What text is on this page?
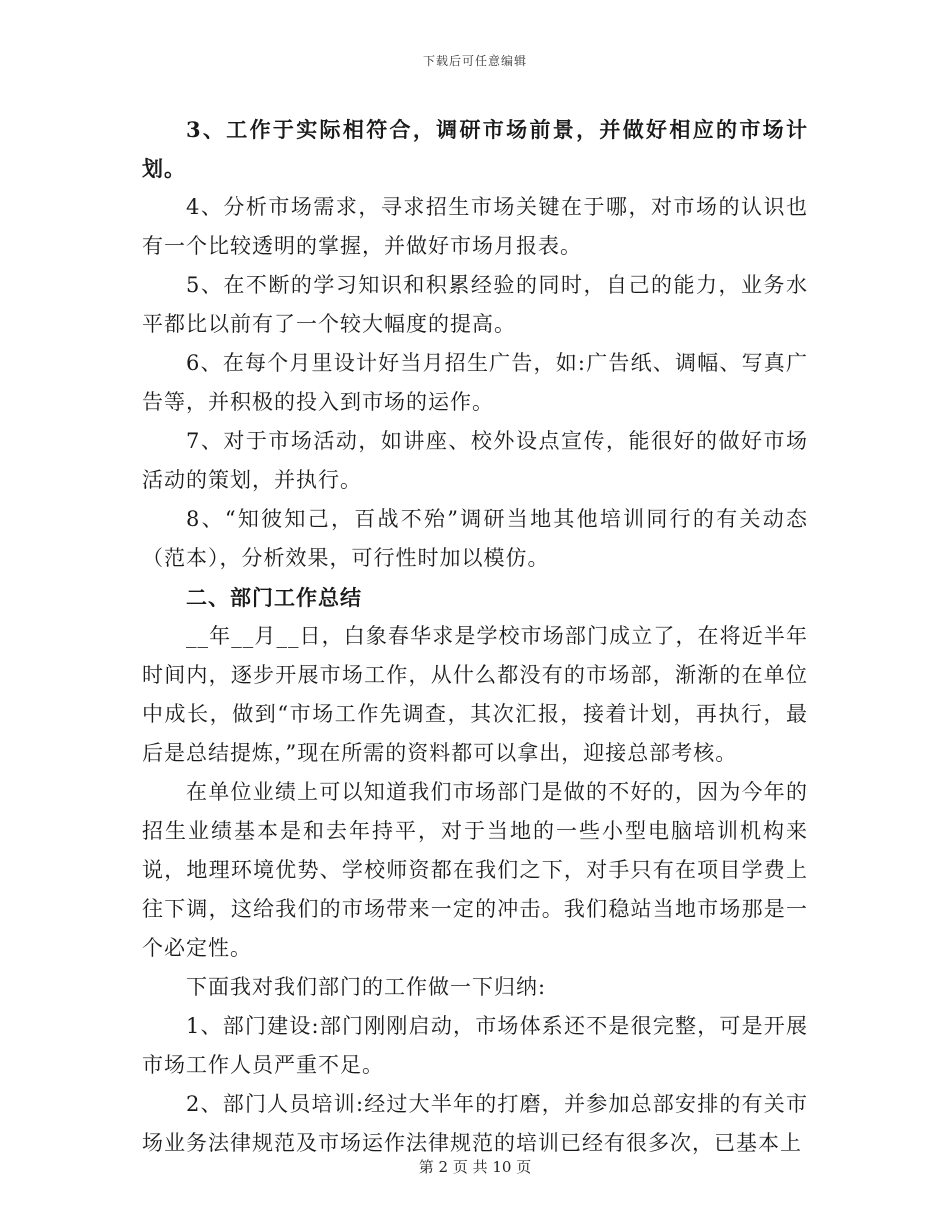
下载后可任意编辑

3、工作于实际相符合，调研市场前景，并做好相应的市场计划。

4、分析市场需求，寻求招生市场关键在于哪，对市场的认识也有一个比较透明的掌握，并做好市场月报表。

5、在不断的学习知识和积累经验的同时，自己的能力，业务水平都比以前有了一个较大幅度的提高。

6、在每个月里设计好当月招生广告，如:广告纸、调幅、写真广告等，并积极的投入到市场的运作。

7、对于市场活动，如讲座、校外设点宣传，能很好的做好市场活动的策划，并执行。

8、“知彼知己，百战不殆”调研当地其他培训同行的有关动态（范本），分析效果，可行性时加以模仿。

二、部门工作总结

__年__月__日，白象春华求是学校市场部门成立了，在将近半年时间内，逐步开展市场工作，从什么都没有的市场部，渐渐的在单位中成长，做到“市场工作先调查，其次汇报，接着计划，再执行，最后是总结提炼，”现在所需的资料都可以拿出，迎接总部考核。

在单位业绩上可以知道我们市场部门是做的不好的，因为今年的招生业绩基本是和去年持平，对于当地的一些小型电脑培训机构来说，地理环境优势、学校师资都在我们之下，对手只有在项目学费上往下调，这给我们的市场带来一定的冲击。我们稳站当地市场那是一个必定性。

下面我对我们部门的工作做一下归纳:

1、部门建设:部门刚刚启动，市场体系还不是很完整，可是开展市场工作人员严重不足。

2、部门人员培训:经过大半年的打磨，并参加总部安排的有关市场业务法律规范及市场运作法律规范的培训已经有很多次，已基本上

第 2 页 共 10 页
